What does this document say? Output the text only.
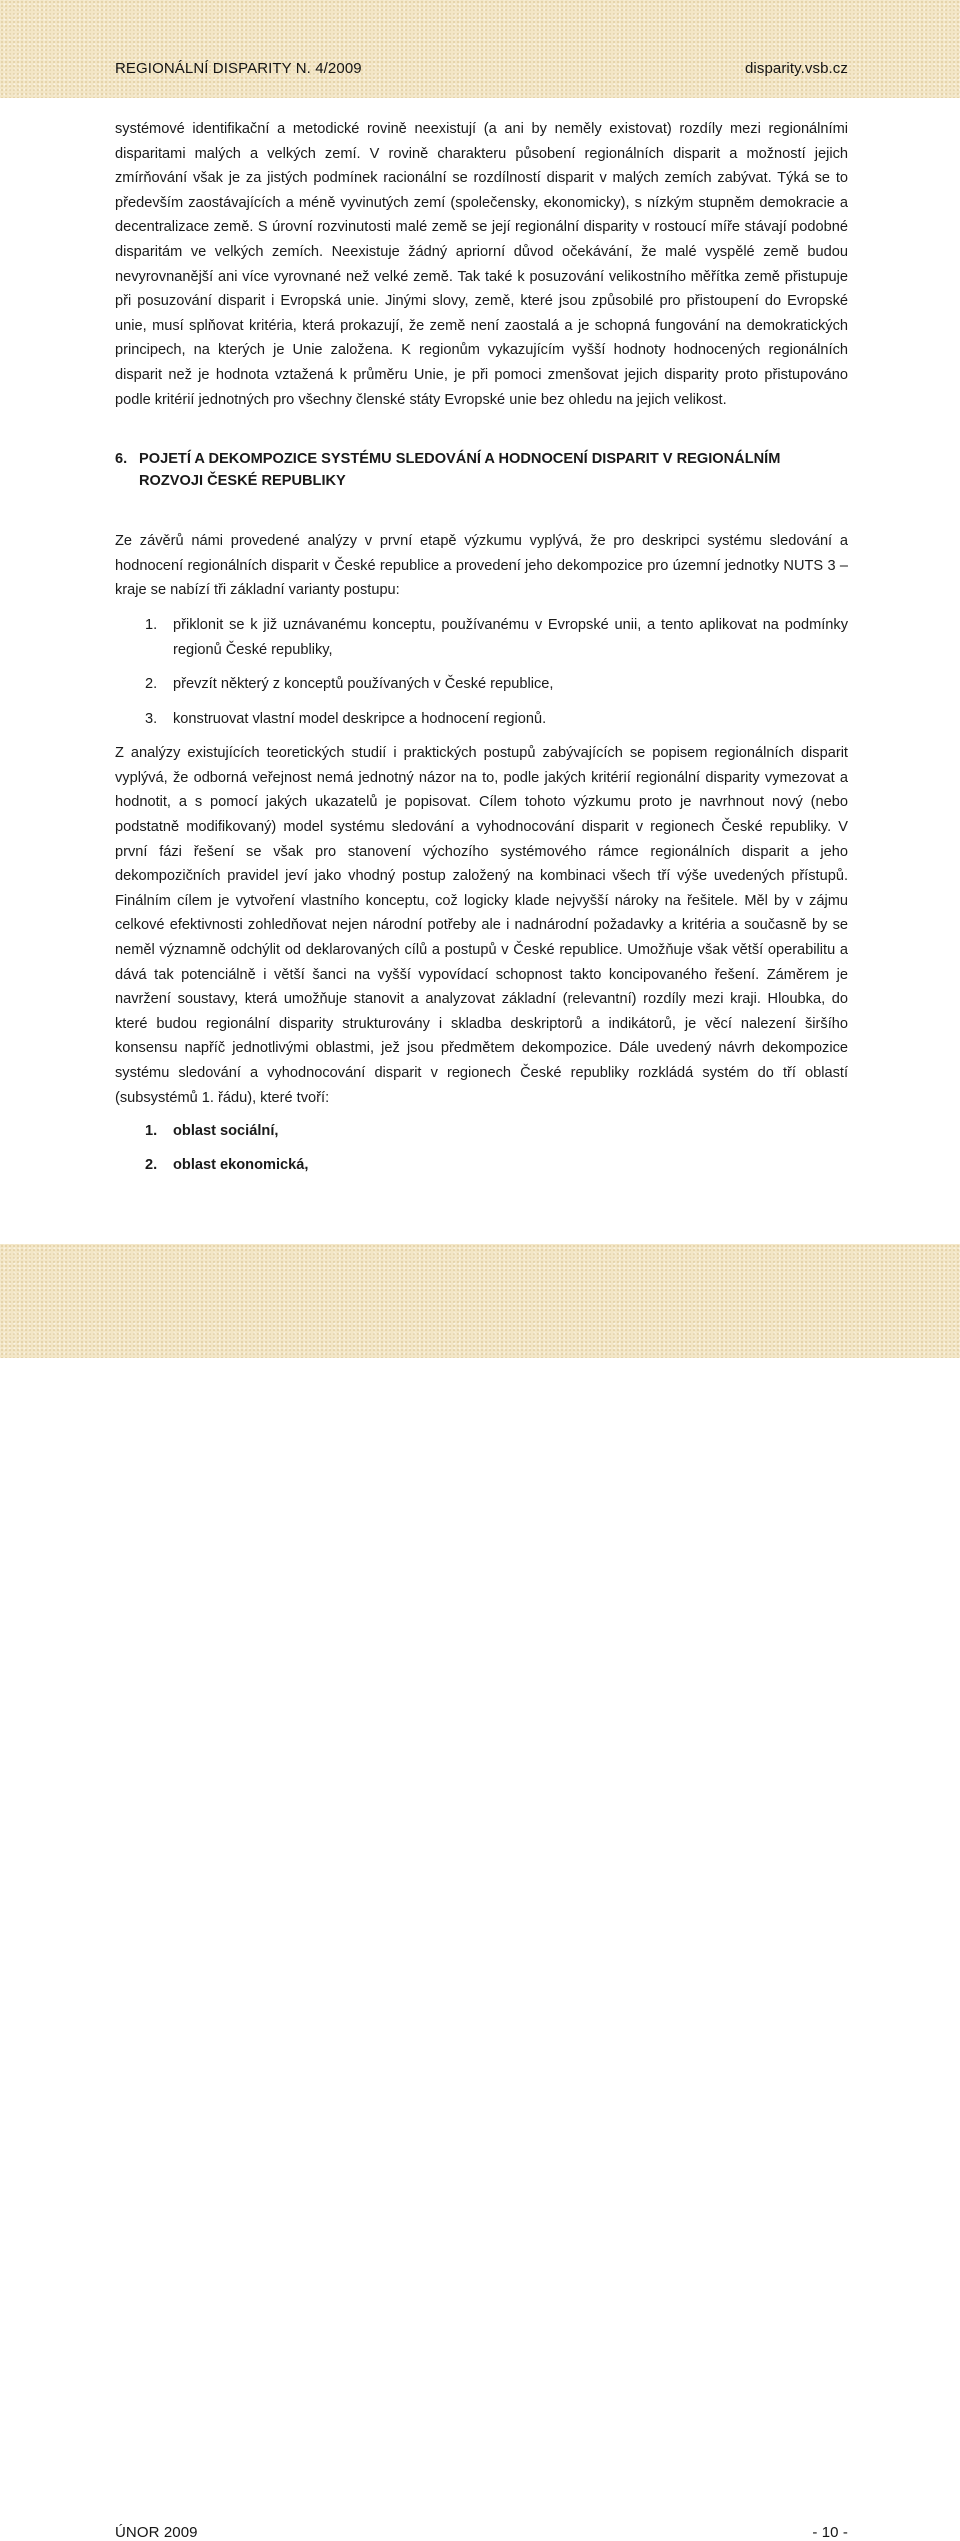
REGIONÁLNÍ DISPARITY N. 4/2009	disparity.vsb.cz

systémové identifikační a metodické rovině neexistují (a ani by neměly existovat) rozdíly mezi regionálními disparitami malých a velkých zemí. V rovině charakteru působení regionálních disparit a možností jejich zmírňování však je za jistých podmínek racionální se rozdílností disparit v malých zemích zabývat. Týká se to především zaostávajících a méně vyvinutých zemí (společensky, ekonomicky), s nízkým stupněm demokracie a decentralizace země. S úrovní rozvinutosti malé země se její regionální disparity v rostoucí míře stávají podobné disparitám ve velkých zemích. Neexistuje žádný apriorní důvod očekávání, že malé vyspělé země budou nevyrovnanější ani více vyrovnané než velké země. Tak také k posuzování velikostního měřítka země přistupuje při posuzování disparit i Evropská unie. Jinými slovy, země, které jsou způsobilé pro přistoupení do Evropské unie, musí splňovat kritéria, která prokazují, že země není zaostalá a je schopná fungování na demokratických principech, na kterých je Unie založena. K regionům vykazujícím vyšší hodnoty hodnocených regionálních disparit než je hodnota vztažená k průměru Unie, je při pomoci zmenšovat jejich disparity proto přistupováno podle kritérií jednotných pro všechny členské státy Evropské unie bez ohledu na jejich velikost.

6. POJETÍ A DEKOMPOZICE SYSTÉMU SLEDOVÁNÍ A HODNOCENÍ DISPARIT V REGIONÁLNÍM ROZVOJI ČESKÉ REPUBLIKY

Ze závěrů námi provedené analýzy v první etapě výzkumu vyplývá, že pro deskripci systému sledování a hodnocení regionálních disparit v České republice a provedení jeho dekompozice pro územní jednotky NUTS 3 – kraje se nabízí tři základní varianty postupu:

1.	přiklonit se k již uznávanému konceptu, používanému v Evropské unii, a tento aplikovat na podmínky regionů České republiky,
2.	převzít některý z konceptů používaných v České republice,
3.	konstruovat vlastní model deskripce a hodnocení regionů.

Z analýzy existujících teoretických studií i praktických postupů zabývajících se popisem regionálních disparit vyplývá, že odborná veřejnost nemá jednotný názor na to, podle jakých kritérií regionální disparity vymezovat a hodnotit, a s pomocí jakých ukazatelů je popisovat. Cílem tohoto výzkumu proto je navrhnout nový (nebo podstatně modifikovaný) model systému sledování a vyhodnocování disparit v regionech České republiky. V první fázi řešení se však pro stanovení výchozího systémového rámce regionálních disparit a jeho dekompozičních pravidel jeví jako vhodný postup založený na kombinaci všech tří výše uvedených přístupů. Finálním cílem je vytvoření vlastního konceptu, což logicky klade nejvyšší nároky na řešitele. Měl by v zájmu celkové efektivnosti zohledňovat nejen národní potřeby ale i nadnárodní požadavky a kritéria a současně by se neměl významně odchýlit od deklarovaných cílů a postupů v České republice. Umožňuje však větší operabilitu a dává tak potenciálně i větší šanci na vyšší vypovídací schopnost takto koncipovaného řešení. Záměrem je navržení soustavy, která umožňuje stanovit a analyzovat základní (relevantní) rozdíly mezi kraji. Hloubka, do které budou regionální disparity strukturovány i skladba deskriptorů a indikátorů, je věcí nalezení širšího konsensu napříč jednotlivými oblastmi, jež jsou předmětem dekompozice. Dále uvedený návrh dekompozice systému sledování a vyhodnocování disparit v regionech České republiky rozkládá systém do tří oblastí (subsystémů 1. řádu), které tvoří:

1.	oblast sociální,
2.	oblast ekonomická,
ÚNOR 2009	- 10 -
